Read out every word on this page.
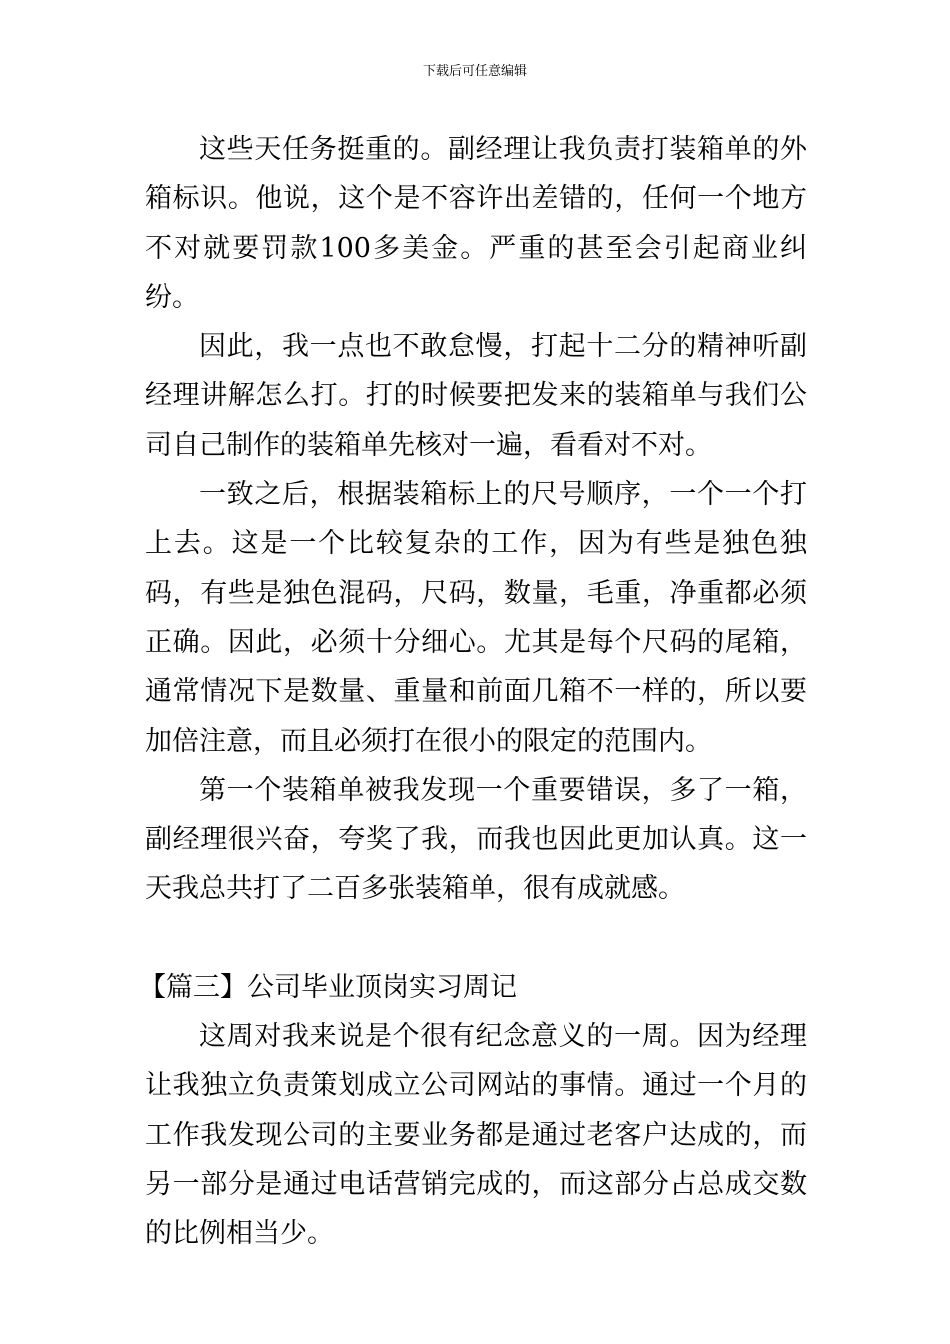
下载后可任意编辑

这些天任务挺重的。副经理让我负责打装箱单的外箱标识。他说，这个是不容许出差错的，任何一个地方不对就要罚款100多美金。严重的甚至会引起商业纠纷。

因此，我一点也不敢怠慢，打起十二分的精神听副经理讲解怎么打。打的时候要把发来的装箱单与我们公司自己制作的装箱单先核对一遍，看看对不对。

一致之后，根据装箱标上的尺号顺序，一个一个打上去。这是一个比较复杂的工作，因为有些是独色独码，有些是独色混码，尺码，数量，毛重，净重都必须正确。因此，必须十分细心。尤其是每个尺码的尾箱，通常情况下是数量、重量和前面几箱不一样的，所以要加倍注意，而且必须打在很小的限定的范围内。

第一个装箱单被我发现一个重要错误，多了一箱，副经理很兴奋，夸奖了我，而我也因此更加认真。这一天我总共打了二百多张装箱单，很有成就感。

【篇三】公司毕业顶岗实习周记

这周对我来说是个很有纪念意义的一周。因为经理让我独立负责策划成立公司网站的事情。通过一个月的工作我发现公司的主要业务都是通过老客户达成的，而另一部分是通过电话营销完成的，而这部分占总成交数的比例相当少。
